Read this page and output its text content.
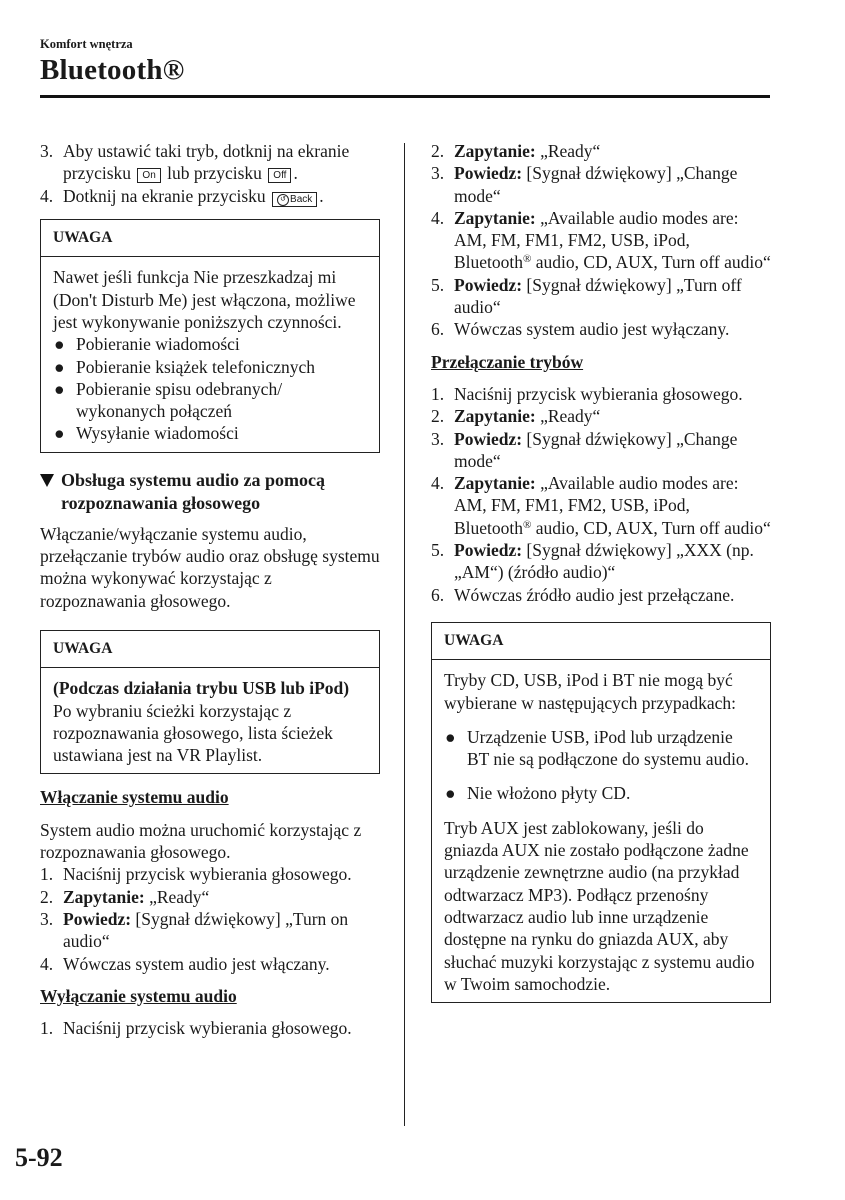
Komfort wnętrza
Bluetooth®
3. Aby ustawić taki tryb, dotknij na ekranie przycisku On lub przycisku Off .
4. Dotknij na ekranie przycisku	↺ Back .
UWAGA

Nawet jeśli funkcja Nie przeszkadzaj mi (Don't Disturb Me) jest włączona, możliwe jest wykonywanie poniższych czynności.

● Pobieranie wiadomości
● Pobieranie książek telefonicznych
● Pobieranie spisu odebranych/ wykonanych połączeń
● Wysyłanie wiadomości
Obsługa systemu audio za pomocą rozpoznawania głosowego
Włączanie/wyłączanie systemu audio, przełączanie trybów audio oraz obsługę systemu można wykonywać korzystając z rozpoznawania głosowego.
UWAGA

(Podczas działania trybu USB lub iPod)

Po wybraniu ścieżki korzystając z rozpoznawania głosowego, lista ścieżek ustawiana jest na VR Playlist.

Włączanie systemu audio
System audio można uruchomić korzystając z rozpoznawania głosowego.
1. Naciśnij przycisk wybierania głosowego.
2. Zapytanie: „Ready“
3. Powiedz: [Sygnał dźwiękowy] „Turn on audio“
4. Wówczas system audio jest włączany.
Wyłączanie systemu audio
1. Naciśnij przycisk wybierania głosowego.
2. Zapytanie: „Ready“
3. Powiedz: [Sygnał dźwiękowy] „Change mode“
4. Zapytanie: „Available audio modes are: AM, FM, FM1, FM2, USB, iPod, Bluetooth® audio, CD, AUX, Turn off audio“
5. Powiedz: [Sygnał dźwiękowy] „Turn off audio“
6. Wówczas system audio jest wyłączany.
Przełączanie trybów
1. Naciśnij przycisk wybierania głosowego.
2. Zapytanie: „Ready“
3. Powiedz: [Sygnał dźwiękowy] „Change mode“
4. Zapytanie: „Available audio modes are: AM, FM, FM1, FM2, USB, iPod, Bluetooth® audio, CD, AUX, Turn off audio“
5. Powiedz: [Sygnał dźwiękowy] „XXX (np. „AM“) (źródło audio)“
6. Wówczas źródło audio jest przełączane.
UWAGA

Tryby CD, USB, iPod i BT nie mogą być wybierane w następujących przypadkach:

● Urządzenie USB, iPod lub urządzenie BT nie są podłączone do systemu audio.
● Nie włożono płyty CD.

Tryb AUX jest zablokowany, jeśli do gniazda AUX nie zostało podłączone żadne urządzenie zewnętrzne audio (na przykład odtwarzacz MP3). Podłącz przenośny odtwarzacz audio lub inne urządzenie dostępne na rynku do gniazda AUX, aby słuchać muzyki korzystając z systemu audio w Twoim samochodzie.

5-92
